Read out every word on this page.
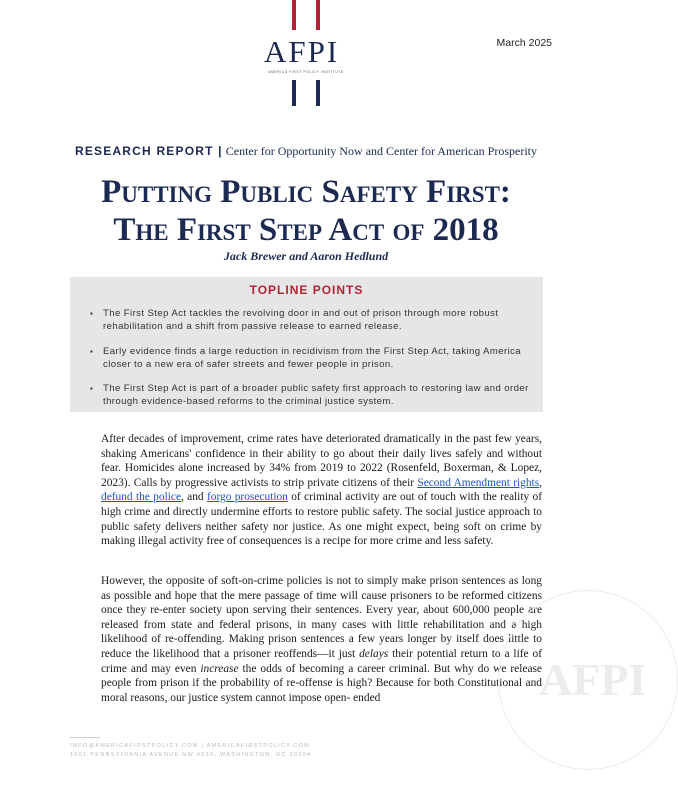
AFPI
AMERICA FIRST POLICY INSTITUTE
March 2025
RESEARCH REPORT | Center for Opportunity Now and Center for American Prosperity
Putting Public Safety First:
The First Step Act of 2018
Jack Brewer and Aaron Hedlund
TOPLINE POINTS
▪ The First Step Act tackles the revolving door in and out of prison through more robust rehabilitation and a shift from passive release to earned release.
▪ Early evidence finds a large reduction in recidivism from the First Step Act, taking America closer to a new era of safer streets and fewer people in prison.
▪ The First Step Act is part of a broader public safety first approach to restoring law and order through evidence-based reforms to the criminal justice system.
After decades of improvement, crime rates have deteriorated dramatically in the past few years, shaking Americans' confidence in their ability to go about their daily lives safely and without fear. Homicides alone increased by 34% from 2019 to 2022 (Rosenfeld, Boxerman, & Lopez, 2023). Calls by progressive activists to strip private citizens of their Second Amendment rights, defund the police, and forgo prosecution of criminal activity are out of touch with the reality of high crime and directly undermine efforts to restore public safety. The social justice approach to public safety delivers neither safety nor justice. As one might expect, being soft on crime by making illegal activity free of consequences is a recipe for more crime and less safety.
However, the opposite of soft-on-crime policies is not to simply make prison sentences as long as possible and hope that the mere passage of time will cause prisoners to be reformed citizens once they re-enter society upon serving their sentences. Every year, about 600,000 people are released from state and federal prisons, in many cases with little rehabilitation and a high likelihood of re-offending. Making prison sentences a few years longer by itself does little to reduce the likelihood that a prisoner reoffends—it just delays their potential return to a life of crime and may even increase the odds of becoming a career criminal. But why do we release people from prison if the probability of re-offense is high? Because for both Constitutional and moral reasons, our justice system cannot impose open- ended	AFPI
INFO@AMERICAFIRSTPOLICY.COM | AMERICAFIRSTPOLICY.COM
1001 PENNSYLVANIA AVENUE NW #530, WASHINGTON, DC 20004
